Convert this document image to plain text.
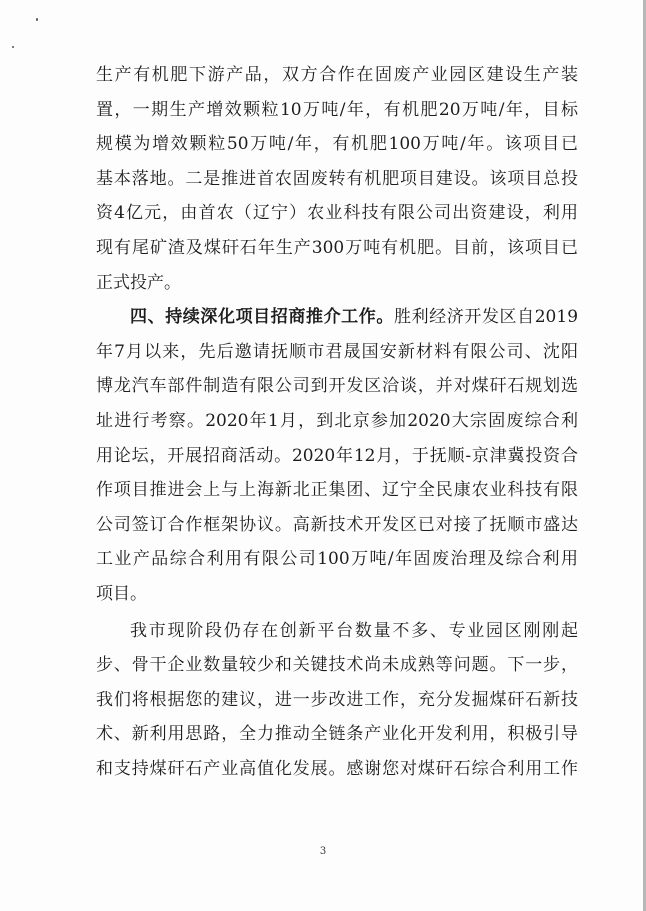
生产有机肥下游产品，双方合作在固废产业园区建设生产装
置，一期生产增效颗粒10万吨/年，有机肥20万吨/年，目标
规模为增效颗粒50万吨/年，有机肥100万吨/年。该项目已
基本落地。二是推进首农固废转有机肥项目建设。该项目总投
资4亿元，由首农（辽宁）农业科技有限公司出资建设，利用
现有尾矿渣及煤矸石年生产300万吨有机肥。目前，该项目已
正式投产。
四、持续深化项目招商推介工作。胜利经济开发区自2019
年7月以来，先后邀请抚顺市君晟国安新材料有限公司、沈阳
博龙汽车部件制造有限公司到开发区洽谈，并对煤矸石规划选
址进行考察。2020年1月，到北京参加2020大宗固废综合利
用论坛，开展招商活动。2020年12月，于抚顺-京津冀投资合
作项目推进会上与上海新北正集团、辽宁全民康农业科技有限
公司签订合作框架协议。高新技术开发区已对接了抚顺市盛达
工业产品综合利用有限公司100万吨/年固废治理及综合利用
项目。
我市现阶段仍存在创新平台数量不多、专业园区刚刚起
步、骨干企业数量较少和关键技术尚未成熟等问题。下一步，
我们将根据您的建议，进一步改进工作，充分发掘煤矸石新技
术、新利用思路，全力推动全链条产业化开发利用，积极引导
和支持煤矸石产业高值化发展。感谢您对煤矸石综合利用工作
3
